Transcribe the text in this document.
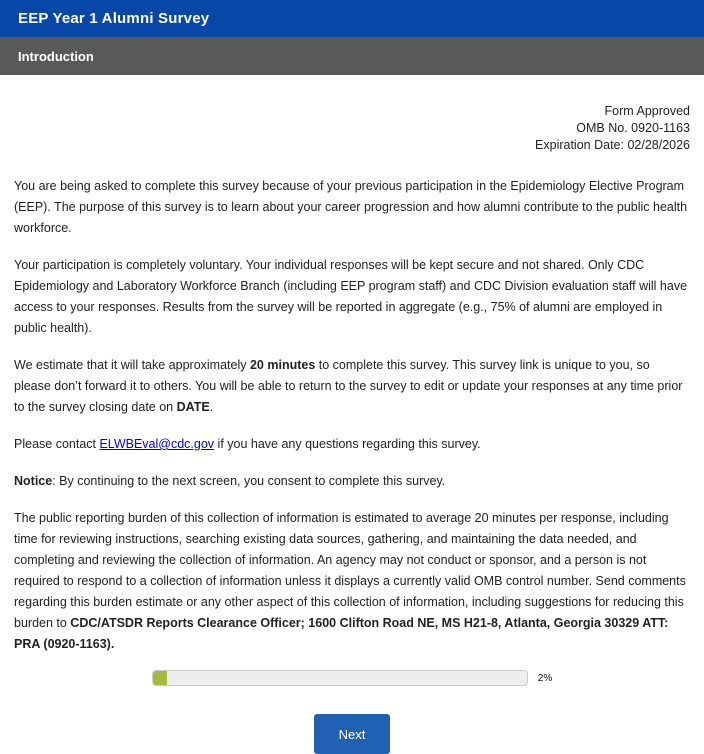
EEP Year 1 Alumni Survey
Introduction
Form Approved
OMB No. 0920-1163
Expiration Date: 02/28/2026

You are being asked to complete this survey because of your previous participation in the Epidemiology Elective Program (EEP). The purpose of this survey is to learn about your career progression and how alumni contribute to the public health workforce.

Your participation is completely voluntary. Your individual responses will be kept secure and not shared. Only CDC Epidemiology and Laboratory Workforce Branch (including EEP program staff) and CDC Division evaluation staff will have access to your responses. Results from the survey will be reported in aggregate (e.g., 75% of alumni are employed in public health).

We estimate that it will take approximately 20 minutes to complete this survey. This survey link is unique to you, so please don’t forward it to others. You will be able to return to the survey to edit or update your responses at any time prior to the survey closing date on DATE.

Please contact ELWBEval@cdc.gov if you have any questions regarding this survey.

Notice: By continuing to the next screen, you consent to complete this survey.

The public reporting burden of this collection of information is estimated to average 20 minutes per response, including time for reviewing instructions, searching existing data sources, gathering, and maintaining the data needed, and completing and reviewing the collection of information. An agency may not conduct or sponsor, and a person is not required to respond to a collection of information unless it displays a currently valid OMB control number. Send comments regarding this burden estimate or any other aspect of this collection of information, including suggestions for reducing this burden to CDC/ATSDR Reports Clearance Officer; 1600 Clifton Road NE, MS H21-8, Atlanta, Georgia 30329 ATT: PRA (0920-1163).

2%
Next
